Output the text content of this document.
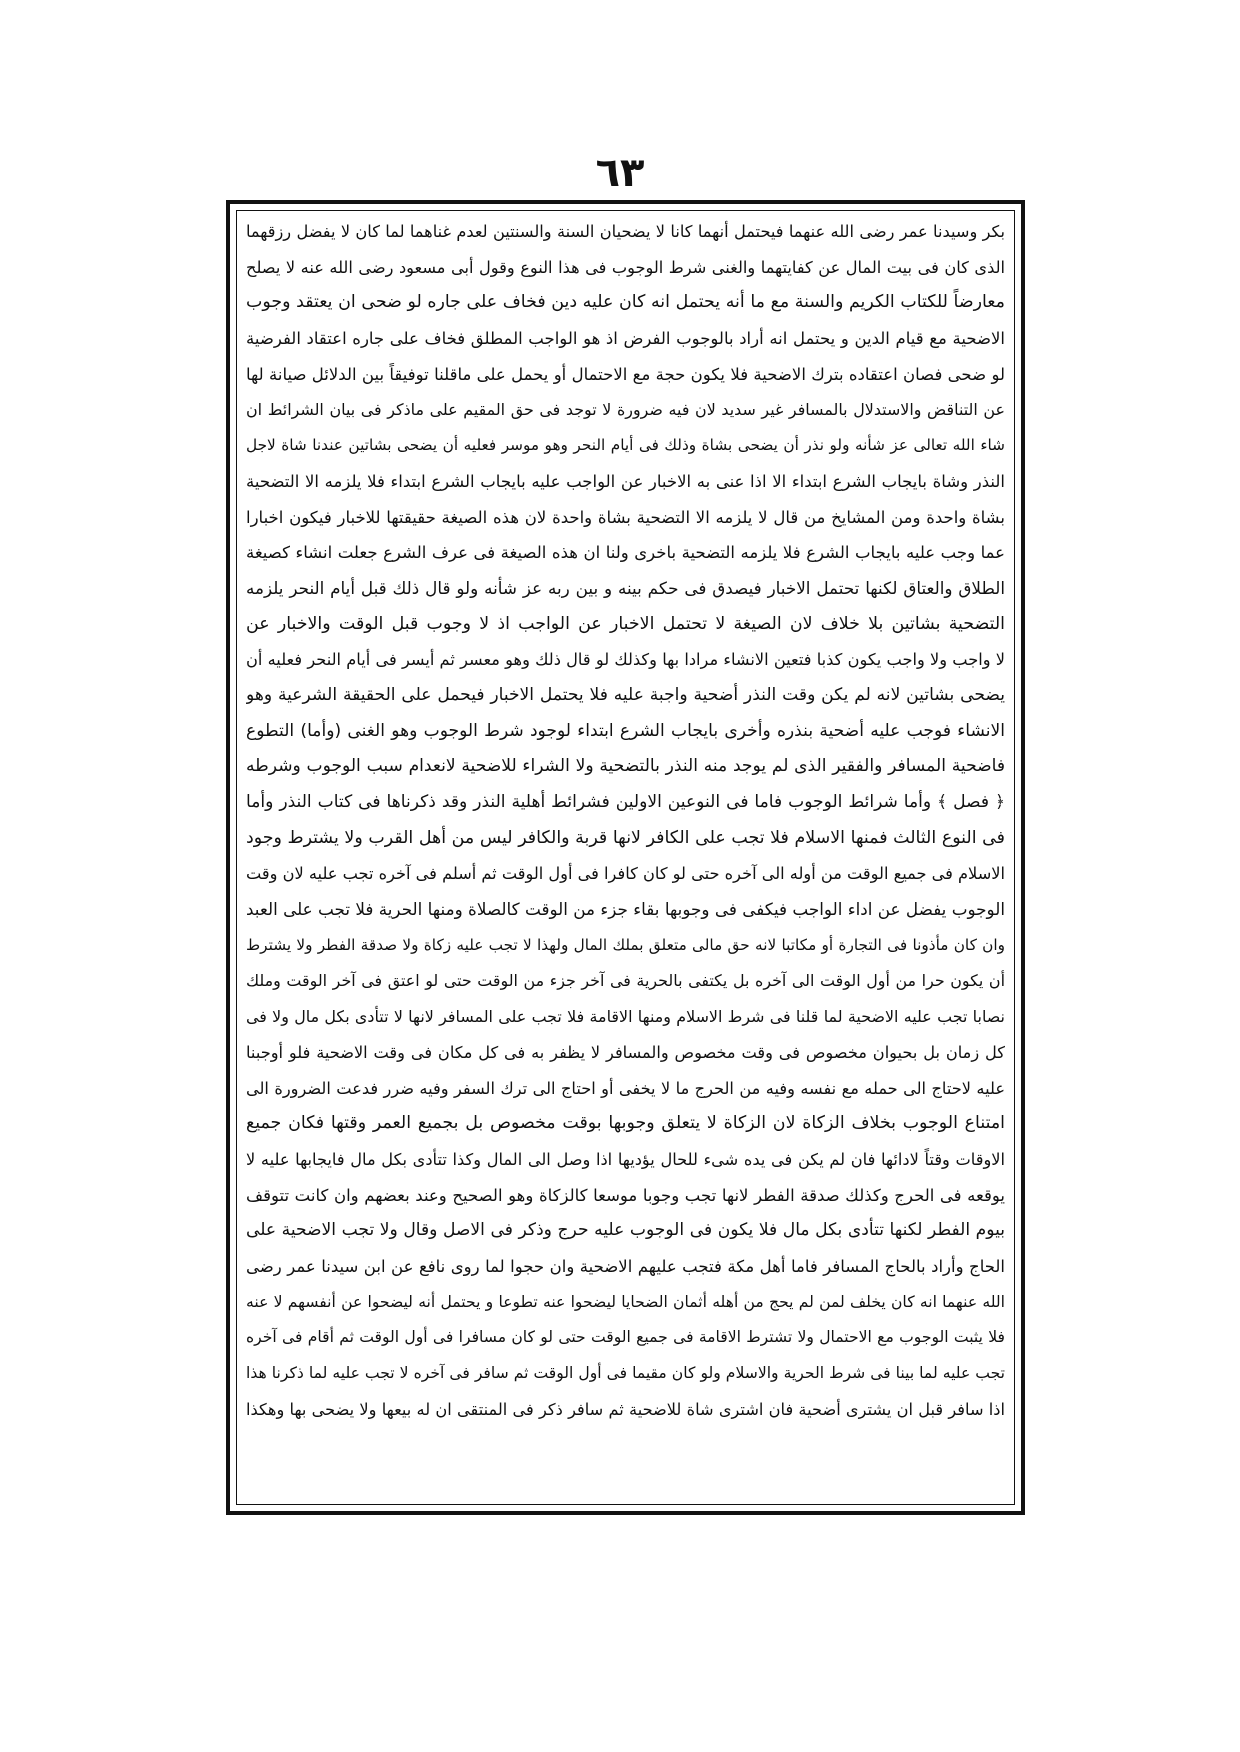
٦٣
بكر وسيدنا عمر رضى الله عنهما فيحتمل أنهما كانا لا يضحيان السنة والسنتين لعدم غناهما لما كان لا يفضل رزقهما
الذى كان فى بيت المال عن كفايتهما والغنى شرط الوجوب فى هذا النوع وقول أبى مسعود رضى الله عنه لا يصلح
معارضاً للكتاب الكريم والسنة مع ما أنه يحتمل انه كان عليه دين فخاف على جاره لو ضحى ان يعتقد وجوب
الاضحية مع قيام الدين و يحتمل انه أراد بالوجوب الفرض اذ هو الواجب المطلق فخاف على جاره اعتقاد الفرضية
لو ضحى فصان اعتقاده بترك الاضحية فلا يكون حجة مع الاحتمال أو يحمل على ماقلنا توفيقاً بين الدلائل صيانة لها
عن التناقض والاستدلال بالمسافر غير سديد لان فيه ضرورة لا توجد فى حق المقيم على ماذكر فى بيان الشرائط ان
شاء الله تعالى عز شأنه ولو نذر أن يضحى بشاة وذلك فى أيام النحر وهو موسر فعليه أن يضحى بشاتين عندنا شاة لاجل
النذر وشاة بايجاب الشرع ابتداء الا اذا عنى به الاخبار عن الواجب عليه بايجاب الشرع ابتداء فلا يلزمه الا التضحية
بشاة واحدة ومن المشايخ من قال لا يلزمه الا التضحية بشاة واحدة لان هذه الصيغة حقيقتها للاخبار فيكون اخبارا
عما وجب عليه بايجاب الشرع فلا يلزمه التضحية باخرى ولنا ان هذه الصيغة فى عرف الشرع جعلت انشاء كصيغة
الطلاق والعتاق لكنها تحتمل الاخبار فيصدق فى حكم بينه و بين ربه عز شأنه ولو قال ذلك قبل أيام النحر يلزمه
التضحية بشاتين بلا خلاف لان الصيغة لا تحتمل الاخبار عن الواجب اذ لا وجوب قبل الوقت والاخبار عن
لا واجب ولا واجب يكون كذبا فتعين الانشاء مرادا بها وكذلك لو قال ذلك وهو معسر ثم أيسر فى أيام النحر فعليه أن
يضحى بشاتين لانه لم يكن وقت النذر أضحية واجبة عليه فلا يحتمل الاخبار فيحمل على الحقيقة الشرعية وهو
الانشاء فوجب عليه أضحية بنذره وأخرى بايجاب الشرع ابتداء لوجود شرط الوجوب وهو الغنى (وأما) التطوع
فاضحية المسافر والفقير الذى لم يوجد منه النذر بالتضحية ولا الشراء للاضحية لانعدام سبب الوجوب وشرطه
﴿ فصل ﴾ وأما شرائط الوجوب فاما فى النوعين الاولين فشرائط أهلية النذر وقد ذكرناها فى كتاب النذر وأما
فى النوع الثالث فمنها الاسلام فلا تجب على الكافر لانها قربة والكافر ليس من أهل القرب ولا يشترط وجود
الاسلام فى جميع الوقت من أوله الى آخره حتى لو كان كافرا فى أول الوقت ثم أسلم فى آخره تجب عليه لان وقت
الوجوب يفضل عن اداء الواجب فيكفى فى وجوبها بقاء جزء من الوقت كالصلاة ومنها الحرية فلا تجب على العبد
وان كان مأذونا فى التجارة أو مكاتبا لانه حق مالى متعلق بملك المال ولهذا لا تجب عليه زكاة ولا صدقة الفطر ولا يشترط
أن يكون حرا من أول الوقت الى آخره بل يكتفى بالحرية فى آخر جزء من الوقت حتى لو اعتق فى آخر الوقت وملك
نصابا تجب عليه الاضحية لما قلنا فى شرط الاسلام ومنها الاقامة فلا تجب على المسافر لانها لا تتأدى بكل مال ولا فى
كل زمان بل بحيوان مخصوص فى وقت مخصوص والمسافر لا يظفر به فى كل مكان فى وقت الاضحية فلو أوجبنا
عليه لاحتاج الى حمله مع نفسه وفيه من الحرج ما لا يخفى أو احتاج الى ترك السفر وفيه ضرر فدعت الضرورة الى
امتناع الوجوب بخلاف الزكاة لان الزكاة لا يتعلق وجوبها بوقت مخصوص بل بجميع العمر وقتها فكان جميع
الاوقات وقتاً لادائها فان لم يكن فى يده شىء للحال يؤديها اذا وصل الى المال وكذا تتأدى بكل مال فايجابها عليه لا
يوقعه فى الحرج وكذلك صدقة الفطر لانها تجب وجوبا موسعا كالزكاة وهو الصحيح وعند بعضهم وان كانت تتوقف
بيوم الفطر لكنها تتأدى بكل مال فلا يكون فى الوجوب عليه حرج وذكر فى الاصل وقال ولا تجب الاضحية على
الحاج وأراد بالحاج المسافر فاما أهل مكة فتجب عليهم الاضحية وان حجوا لما روى نافع عن ابن سيدنا عمر رضى
الله عنهما انه كان يخلف لمن لم يحج من أهله أثمان الضحايا ليضحوا عنه تطوعا و يحتمل أنه ليضحوا عن أنفسهم لا عنه
فلا يثبت الوجوب مع الاحتمال ولا تشترط الاقامة فى جميع الوقت حتى لو كان مسافرا فى أول الوقت ثم أقام فى آخره
تجب عليه لما بينا فى شرط الحرية والاسلام ولو كان مقيما فى أول الوقت ثم سافر فى آخره لا تجب عليه لما ذكرنا هذا
اذا سافر قبل ان يشترى أضحية فان اشترى شاة للاضحية ثم سافر ذكر فى المنتقى ان له بيعها ولا يضحى بها وهكذا
